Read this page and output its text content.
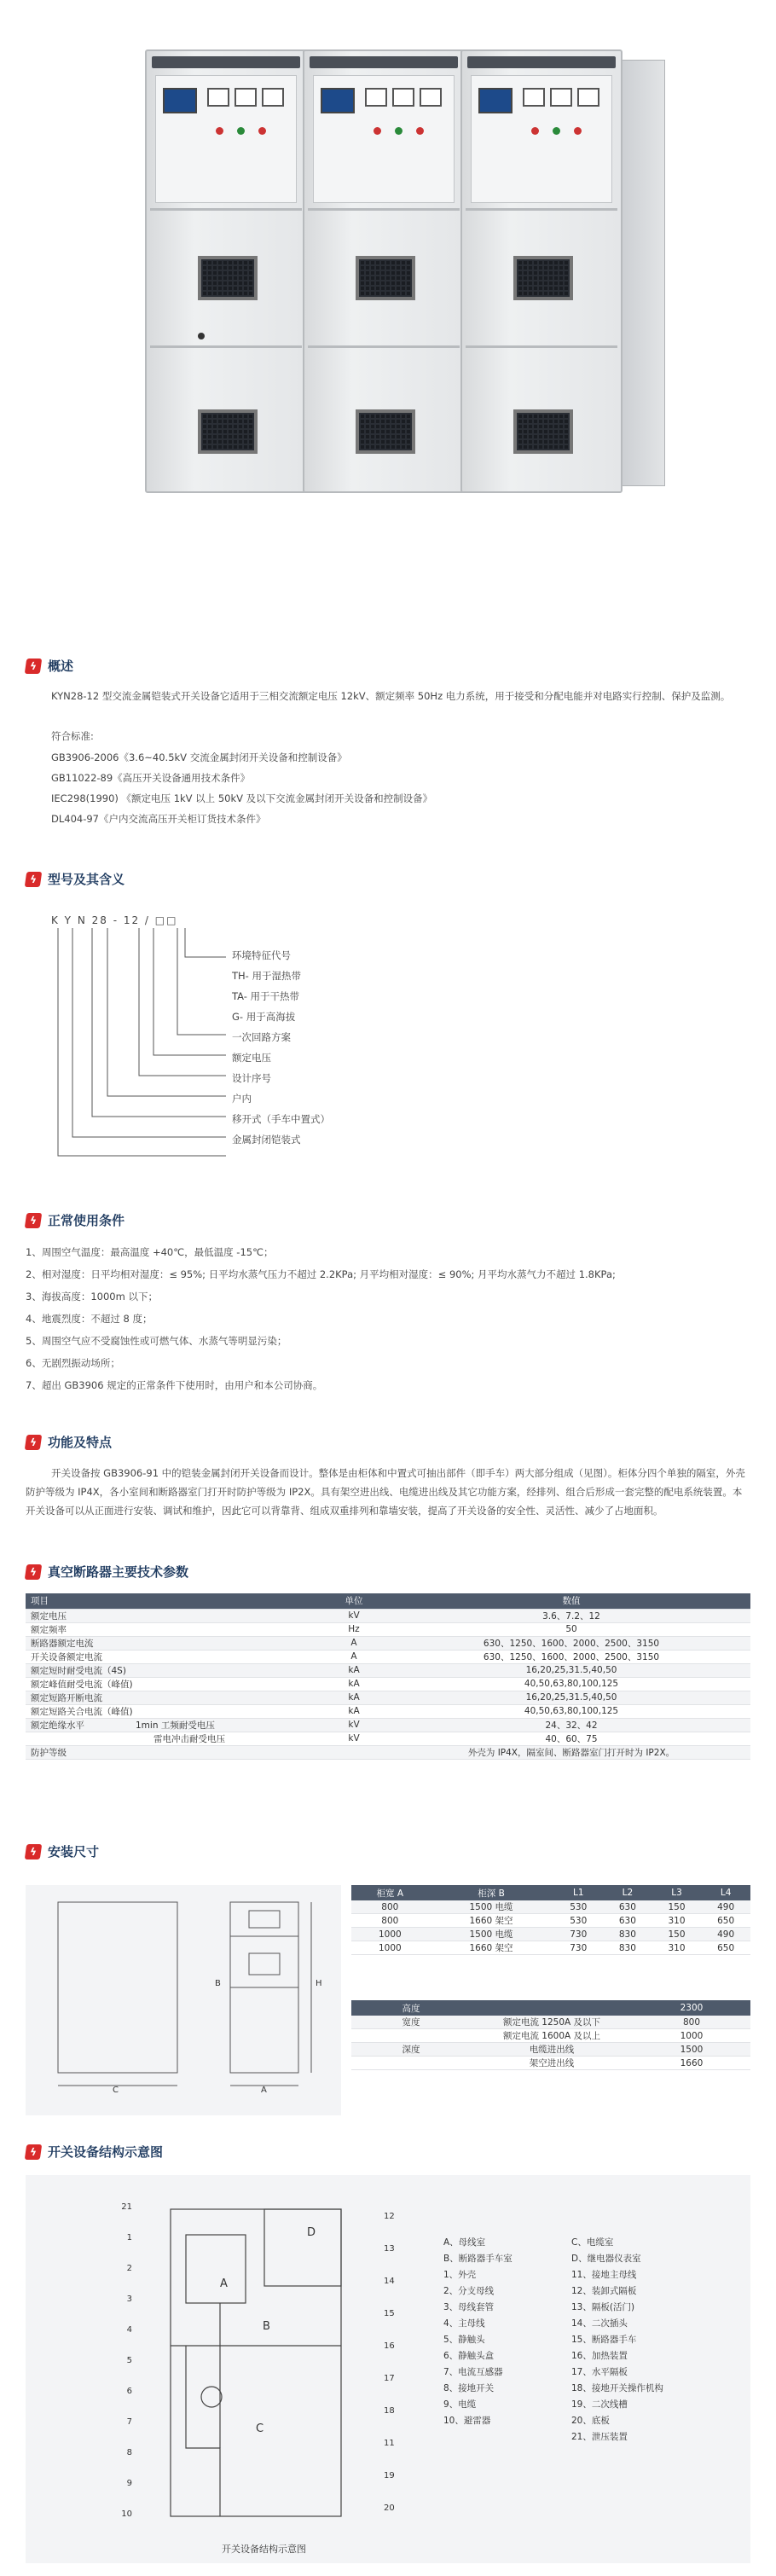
ϟ 概述
KYN28-12 型交流金属铠装式开关设备它适用于三相交流额定电压 12kV、额定频率 50Hz 电力系统，用于接受和分配电能并对电路实行控制、保护及监测。
符合标准:
GB3906-2006《3.6~40.5kV 交流金属封闭开关设备和控制设备》
GB11022-89《高压开关设备通用技术条件》
IEC298(1990) 《额定电压 1kV 以上 50kV 及以下交流金属封闭开关设备和控制设备》
DL404-97《户内交流高压开关柜订货技术条件》
ϟ 型号及其含义
K Y N 28 - 12 / □□
环境特征代号
TH- 用于湿热带
TA- 用于干热带
G- 用于高海拔
一次回路方案
额定电压
设计序号
户内
移开式（手车中置式）
金属封闭铠装式
ϟ 正常使用条件
1、周围空气温度：最高温度 +40℃，最低温度 -15℃；
2、相对湿度：日平均相对湿度：≤ 95%; 日平均水蒸气压力不超过 2.2KPa; 月平均相对湿度：≤ 90%; 月平均水蒸气力不超过 1.8KPa;
3、海拔高度：1000m 以下；
4、地震烈度：不超过 8 度；
5、周围空气应不受腐蚀性或可燃气体、水蒸气等明显污染；
6、无剧烈振动场所；
7、超出 GB3906 规定的正常条件下使用时，由用户和本公司协商。
ϟ 功能及特点
开关设备按 GB3906-91 中的铠装金属封闭开关设备而设计。整体是由柜体和中置式可抽出部件（即手车）两大部分组成（见图）。柜体分四个单独的隔室，外壳防护等级为 IP4X，各小室间和断路器室门打开时防护等级为 IP2X。具有架空进出线、电缆进出线及其它功能方案，经排列、组合后形成一套完整的配电系统装置。本开关设备可以从正面进行安装、调试和维护，因此它可以背靠背、组成双重排列和靠墙安装，提高了开关设备的安全性、灵活性、减少了占地面积。
ϟ 真空断路器主要技术参数
项目	单位	数值
额定电压	kV	3.6、7.2、12
额定频率	Hz	50
断路器额定电流	A	630、1250、1600、2000、2500、3150
开关设备额定电流	A	630、1250、1600、2000、2500、3150
额定短时耐受电流（4S)	kA	16,20,25,31.5,40,50
额定峰值耐受电流（峰值)	kA	40,50,63,80,100,125
额定短路开断电流	kA	16,20,25,31.5,40,50
额定短路关合电流（峰值)	kA	40,50,63,80,100,125
额定绝缘水平 1min 工频耐受电压	kV	24、32、42
雷电冲击耐受电压	kV	40、60、75
防护等级		外壳为 IP4X，隔室间、断路器室门打开时为 IP2X。
ϟ 安装尺寸
C	A
H
B
柜宽 A	柜深 B	L1	L2	L3	L4
800	1500 电缆	530	630	150	490
800	1660 架空	530	630	310	650
1000	1500 电缆	730	830	150	490
1000	1660 架空	730	830	310	650
高度		2300
宽度	额定电流 1250A 及以下	800
	额定电流 1600A 及以上	1000
深度	电缆进出线	1500
	架空进出线	1660
ϟ 开关设备结构示意图
A
B
C
D
21
1
2
3
4
5
6
7
8
9
10
12
13
14
15
16
17
18
11
19
20
A、母线室
B、断路器手车室
1、外壳
2、分支母线
3、母线套管
4、主母线
5、静触头
6、静触头盒
7、电流互感器
8、接地开关
9、电缆
10、避雷器
C、电缆室
D、继电器仪表室
11、接地主母线
12、装卸式隔板
13、隔板(活门)
14、二次插头
15、断路器手车
16、加热装置
17、水平隔板
18、接地开关操作机构
19、二次线槽
20、底板
21、泄压装置
开关设备结构示意图
